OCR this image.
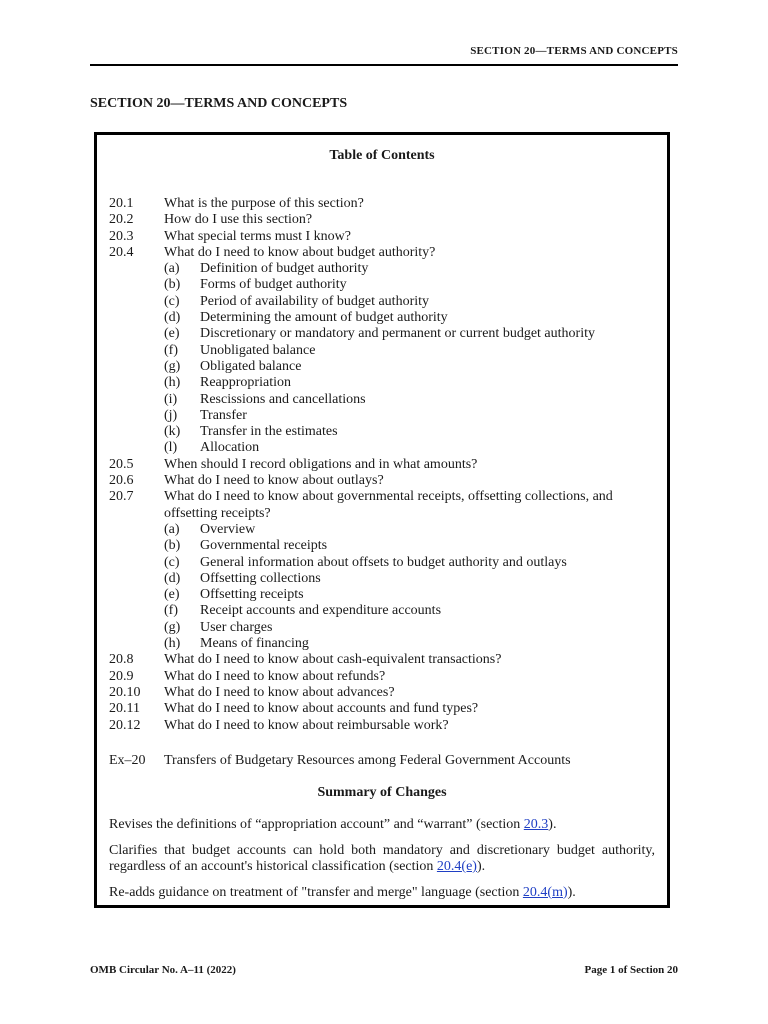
SECTION 20—TERMS AND CONCEPTS
SECTION 20—TERMS AND CONCEPTS
Table of Contents
20.1	What is the purpose of this section?
20.2	How do I use this section?
20.3	What special terms must I know?
20.4	What do I need to know about budget authority?
(a)	Definition of budget authority
(b)	Forms of budget authority
(c)	Period of availability of budget authority
(d)	Determining the amount of budget authority
(e)	Discretionary or mandatory and permanent or current budget authority
(f)	Unobligated balance
(g)	Obligated balance
(h)	Reappropriation
(i)	Rescissions and cancellations
(j)	Transfer
(k)	Transfer in the estimates
(l)	Allocation
20.5	When should I record obligations and in what amounts?
20.6	What do I need to know about outlays?
20.7	What do I need to know about governmental receipts, offsetting collections, and offsetting receipts?
(a)	Overview
(b)	Governmental receipts
(c)	General information about offsets to budget authority and outlays
(d)	Offsetting collections
(e)	Offsetting receipts
(f)	Receipt accounts and expenditure accounts
(g)	User charges
(h)	Means of financing
20.8	What do I need to know about cash-equivalent transactions?
20.9	What do I need to know about refunds?
20.10	What do I need to know about advances?
20.11	What do I need to know about accounts and fund types?
20.12	What do I need to know about reimbursable work?
Ex–20	Transfers of Budgetary Resources among Federal Government Accounts
Summary of Changes

Revises the definitions of “appropriation account” and “warrant” (section 20.3).

Clarifies that budget accounts can hold both mandatory and discretionary budget authority, regardless of an account's historical classification (section 20.4(e)).

Re-adds guidance on treatment of "transfer and merge" language (section 20.4(m)).

OMB Circular No. A–11 (2022)	Page 1 of Section 20
